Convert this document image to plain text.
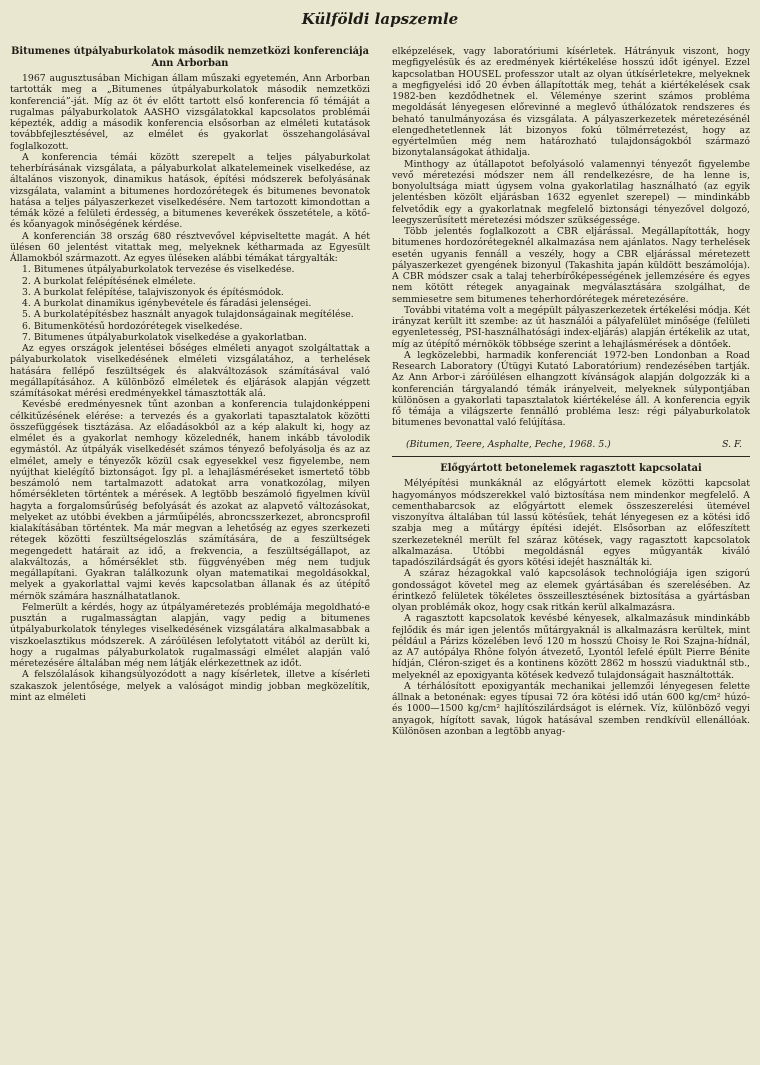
Külföldi lapszemle
Bitumenes útpályaburkolatok második nemzetközi konferenciája Ann Arborban

1967 augusztusában Michigan állam műszaki egyetemén, Ann Arborban tartották meg a „Bitumenes útpályaburkolatok második nemzetközi konferenciá”-ját. Míg az öt év előtt tartott első konferencia fő témáját a rugalmas pályaburkolatok AASHO vizsgálatokkal kapcsolatos problémái képezték, addig a második konferencia elsősorban az elméleti kutatások továbbfejlesztésével, az elmélet és gyakorlat összehangolásával foglalkozott.

A konferencia témái között szerepelt a teljes pályaburkolat teherbírásának vizsgálata, a pályaburkolat alkatelemeinek viselkedése, az általános viszonyok, dinamikus hatások, építési módszerek befolyásának vizsgálata, valamint a bitumenes hordozórétegek és bitumenes bevonatok hatása a teljes pályaszerkezet viselkedésére. Nem tartozott kimondottan a témák közé a felületi érdesség, a bitumenes keverékek összetétele, a kötő- és kőanyagok minőségének kérdése.

A konferencián 38 ország 680 résztvevővel képviseltette magát. A hét ülésen 60 jelentést vitattak meg, melyeknek kétharmada az Egyesült Államokból származott. Az egyes üléseken alábbi témákat tárgyalták:

1. Bitumenes útpályaburkolatok tervezése és viselkedése.

2. A burkolat felépítésének elmélete.

3. A burkolat felépítése, talajviszonyok és építésmódok.

4. A burkolat dinamikus igénybevétele és fáradási jelenségei.

5. A burkolatépítésbez használt anyagok tulajdonságainak megítélése.

6. Bitumenkötésű hordozórétegek viselkedése.

7. Bitumenes útpályaburkolatok viselkedése a gyakorlatban.

Az egyes országok jelentései bőséges elméleti anyagot szolgáltattak a pályaburkolatok viselkedésének elméleti vizsgálatához, a terhelések hatására fellépő feszültségek és alakváltozások számításával való megállapításához. A különböző elméletek és eljárások alapján végzett számításokat mérési eredményekkel támasztották alá.

Kevésbé eredményesnek tűnt azonban a konferencia tulajdonképpeni célkitűzésének elérése: a tervezés és a gyakorlati tapasztalatok közötti összefüggések tisztázása. Az előadásokból az a kép alakult ki, hogy az elmélet és a gyakorlat nemhogy közelednék, hanem inkább távolodik egymástól. Az útpályák viselkedését számos tényező befolyásolja és az az elmélet, amely e tényezők közül csak egyesekkel vesz figyelembe, nem nyújthat kielégítő biztonságot. Így pl. a lehajlásméréseket ismertető több beszámoló nem tartalmazott adatokat arra vonatkozólag, milyen hőmérsékleten történtek a mérések. A legtöbb beszámoló figyelmen kívül hagyta a forgalomsűrűség befolyását és azokat az alapvető változásokat, melyeket az utóbbi években a járműipélés, abroncsszerkezet, abroncsprofil kialakításában történtek. Ma már megvan a lehetőség az egyes szerkezeti rétegek közötti feszültségeloszlás számítására, de a feszültségek megengedett határait az idő, a frekvencia, a feszültségállapot, az alakváltozás, a hőmérséklet stb. függvényében még nem tudjuk megállapítani. Gyakran találkozunk olyan matematikai megoldásokkal, melyek a gyakorlattal vajmi kevés kapcsolatban állanak és az útépítő mérnök számára használhatatlanok.

Felmerült a kérdés, hogy az útpályaméretezés problémája megoldható-e pusztán a rugalmasságtan alapján, vagy pedig a bitumenes útpályaburkolatok tényleges viselkedésének vizsgálatára alkalmasabbak a viszkoelasztikus módszerek. A záróülésen lefolytatott vitából az derült ki, hogy a rugalmas pályaburkolatok rugalmassági elmélet alapján való méretezésére általában még nem látják elérkezettnek az időt.

A felszólalások kihangsúlyozódott a nagy kísérletek, illetve a kísérleti szakaszok jelentősége, melyek a valóságot mindig jobban megközelítik, mint az elméleti

elképzelések, vagy laboratóriumi kísérletek. Hátrányuk viszont, hogy megfigyelésük és az eredmények kiértékelése hosszú időt igényel. Ezzel kapcsolatban HOUSEL professzor utalt az olyan útkísérletekre, melyeknek a megfigyelési idő 20 évben állapították meg, tehát a kiértékelések csak 1982-ben kezdődhetnek el. Véleménye szerint számos probléma megoldását lényegesen előrevinné a meglevő úthálózatok rendszeres és beható tanulmányozása és vizsgálata. A pályaszerkezetek méretezésénél elengedhetetlennek lát bizonyos fokú tölmérretezést, hogy az egyértelműen még nem határozható tulajdonságokból származó bizonytalanságokat áthidalja.

Minthogy az útállapotot befolyásoló valamennyi tényezőt figyelembe vevő méretezési módszer nem áll rendelkezésre, de ha lenne is, bonyolultsága miatt úgysem volna gyakorlatilag használható (az egyik jelentésben közölt eljárásban 1632 egyenlet szerepel) — mindinkább felvetődik egy a gyakorlatnak megfelelő biztonsági tényezővel dolgozó, leegyszerűsített méretezési módszer szükségessége.

Több jelentés foglalkozott a CBR eljárással. Megállapították, hogy bitumenes hordozórétegeknél alkalmazása nem ajánlatos. Nagy terhelések esetén ugyanis fennáll a veszély, hogy a CBR eljárással méretezett pályaszerkezet gyengének bizonyul (Takashita japán küldött beszámolója). A CBR módszer csak a talaj teherbírőképességének jellemzésére és egyes nem kötött rétegek anyagainak megválasztására szolgálhat, de semmiesetre sem bitumenes teherhordórétegek méretezésére.

További vitatéma volt a megépült pályaszerkezetek értékelési módja. Két irányzat került itt szembe: az út használói a pályafelület minősége (felületi egyenletesség, PSI-használhatósági index-eljárás) alapján értékelik az utat, míg az útépítő mérnökök többsége szerint a lehajlásmérések a döntőek.

A legközelebbi, harmadik konferenciát 1972-ben Londonban a Road Research Laboratory (Útügyi Kutató Laboratórium) rendezésében tartják. Az Ann Arbor-i záróülésen elhangzott kívánságok alapján dolgozzák ki a konferencián tárgyalandó témák irányelveit, melyeknek súlypontjában különösen a gyakorlati tapasztalatok kiértékelése áll. A konferencia egyik fő témája a világszerte fennálló probléma lesz: régi pályaburkolatok bitumenes bevonattal való felújítása.

(Bitumen, Teere, Asphalte, Peche, 1968. 5.)	S. F.
Előgyártott betonelemek ragasztott kapcsolatai

Mélyépítési munkáknál az előgyártott elemek közötti kapcsolat hagyományos módszerekkel való biztosítása nem mindenkor megfelelő. A cementhabarcsok az előgyártott elemek összeszerelési ütemével viszonyítva általában túl lassú kötésűek, tehát lényegesen ez a kötési idő szabja meg a műtárgy építési idejét. Elsősorban az előfeszített szerkezeteknél merült fel száraz kötések, vagy ragasztott kapcsolatok alkalmazása. Utóbbi megoldásnál egyes műgyanták kiváló tapadószilárdságát és gyors kötési idejét használták ki.

A száraz hézagokkal való kapcsolások technológiája igen szigorú gondosságot követel meg az elemek gyártásában és szerelésében. Az érintkező felületek tökéletes összeillesztésének biztosítása a gyártásban olyan problémák okoz, hogy csak ritkán kerül alkalmazásra.

A ragasztott kapcsolatok kevésbé kényesek, alkalmazásuk mindinkább fejlődik és már igen jelentős műtárgyaknál is alkalmazásra kerültek, mint például a Párizs közelében levő 120 m hosszú Choisy le Roi Szajna-hídnál, az A7 autópálya Rhône folyón átvezető, Lyontól lefelé épült Pierre Bénite hídján, Cléron-sziget és a kontinens között 2862 m hosszú viaduktnál stb., melyeknél az epoxigyanta kötések kedvező tulajdonságait használtották.

A térhálósított epoxigyanták mechanikai jellemzői lényegesen felette állnak a betonénak: egyes típusai 72 óra kötési idő után 600 kg/cm² húzó- és 1000—1500 kg/cm² hajlítószilárdságot is elérnek. Víz, különböző vegyi anyagok, hígított savak, lúgok hatásával szemben rendkívül ellenállóak. Különösen azonban a legtöbb anyag-
